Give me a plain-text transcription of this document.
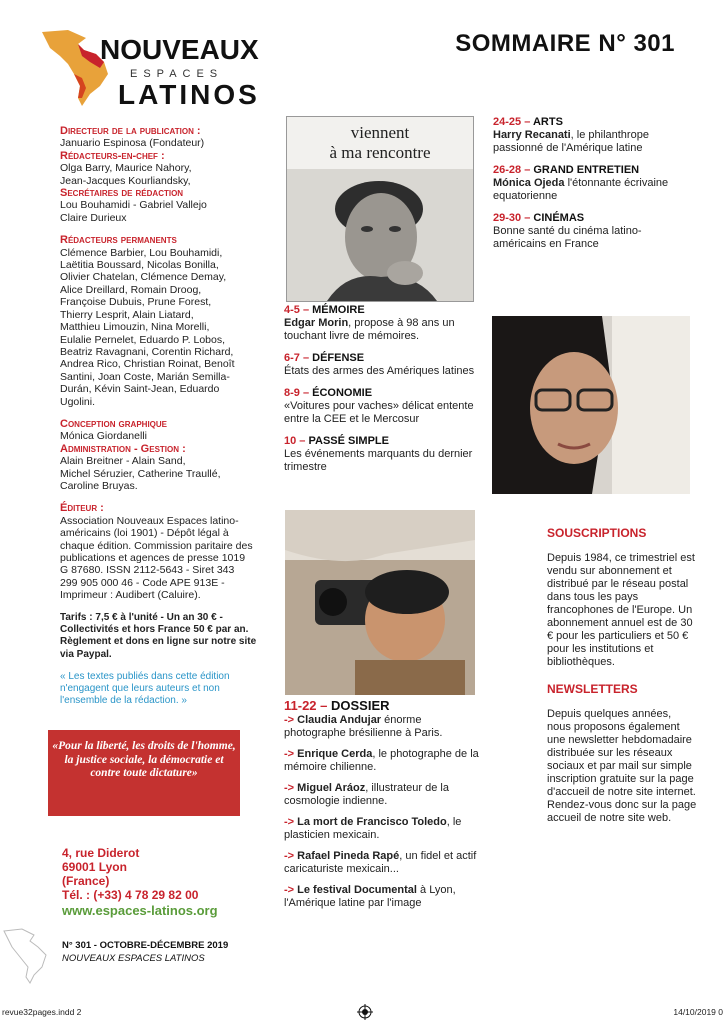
NOUVEAUX
ESPACES
LATINOS
SOMMAIRE N° 301

Directeur de la publication :

Januario Espinosa (Fondateur)

Rédacteurs-en-chef :

Olga Barry, Maurice Nahory,

Jean-Jacques Kourliandsky,

Secrétaires de rédaction

Lou Bouhamidi - Gabriel Vallejo

Claire Durieux

Rédacteurs permanents

Clémence Barbier, Lou Bouhamidi,

Laëtitia Boussard, Nicolas Bonilla,

Olivier Chatelan, Clémence Demay,

Alice Dreillard, Romain Droog,

Françoise Dubuis, Prune Forest,

Thierry Lesprit, Alain Liatard,

Matthieu Limouzin, Nina Morelli,

Eulalie Pernelet, Eduardo P. Lobos,

Beatriz Ravagnani, Corentin Richard,

Andrea Rico, Christian Roinat, Benoît

Santini, Joan Coste, Marián Semilla-

Durán, Kévin Saint-Jean, Eduardo

Ugolini.

Conception graphique

Mónica Giordanelli

Administration - Gestion :

Alain Breitner - Alain Sand,

Michel Séruzier, Catherine Traullé,

Caroline Bruyas.

Éditeur :

Association Nouveaux Espaces latino-

américains (loi 1901) - Dépôt légal à

chaque édition. Commission paritaire des

publications et agences de presse 1019

G 87680. ISSN 2112-5643 - Siret 343

299 905 000 46 - Code APE 913E -

Imprimeur : Audibert (Caluire).

Tarifs : 7,5 € à l'unité - Un an 30 € -

Collectivités et hors France 50 € par an.

Règlement et dons en ligne sur notre site

via Paypal.

« Les textes publiés dans cette édition

n'engagent que leurs auteurs et non

l'ensemble de la rédaction. »

«Pour la liberté, les droits de l'homme, la justice sociale, la démocratie et contre toute dictature»
4, rue Diderot
69001 Lyon
(France)
Tél. : (+33) 4 78 29 82 00
www.espaces-latinos.org
N° 301 - OCTOBRE-DÉCEMBRE 2019
NOUVEAUX ESPACES LATINOS
viennent
à ma rencontre
4-5 – MÉMOIRE
Edgar Morin, propose à 98 ans un touchant livre de mémoires.
6-7 – DÉFENSE
États des armes des Amériques latines
8-9 – ÉCONOMIE
«Voitures pour vaches» délicat entente entre la CEE et le Mercosur
10 – PASSÉ SIMPLE
Les événements marquants du dernier trimestre
11-22 – DOSSIER
-> Claudia Andujar énorme photographe brésilienne à Paris.
-> Enrique Cerda, le photographe de la mémoire chilienne.
-> Miguel Aráoz, illustrateur de la cosmologie indienne.
-> La mort de Francisco Toledo, le plasticien mexicain.
-> Rafael Pineda Rapé, un fidel et actif caricaturiste mexicain...
-> Le festival Documental à Lyon, l'Amérique latine par l'image
24-25 – ARTS
Harry Recanati, le philanthrope passionné de l'Amérique latine
26-28 – GRAND ENTRETIEN
Mónica Ojeda l'étonnante écrivaine equatorienne
29-30 – CINÉMAS
Bonne santé du cinéma latino-américains en France

SOUSCRIPTIONS

Depuis 1984, ce trimestriel est vendu sur abonnement et distribué par le réseau postal dans tous les pays francophones de l'Europe. Un abonnement annuel est de 30 € pour les particuliers et 50 € pour les institutions et bibliothèques.

NEWSLETTERS

Depuis quelques années, nous proposons également une newsletter hebdomadaire distribuée sur les réseaux sociaux et par mail sur simple inscription gratuite sur la page d'accueil de notre site internet. Rendez-vous donc sur la page accueil de notre site web.

revue32pages.indd 2	14/10/2019 0
